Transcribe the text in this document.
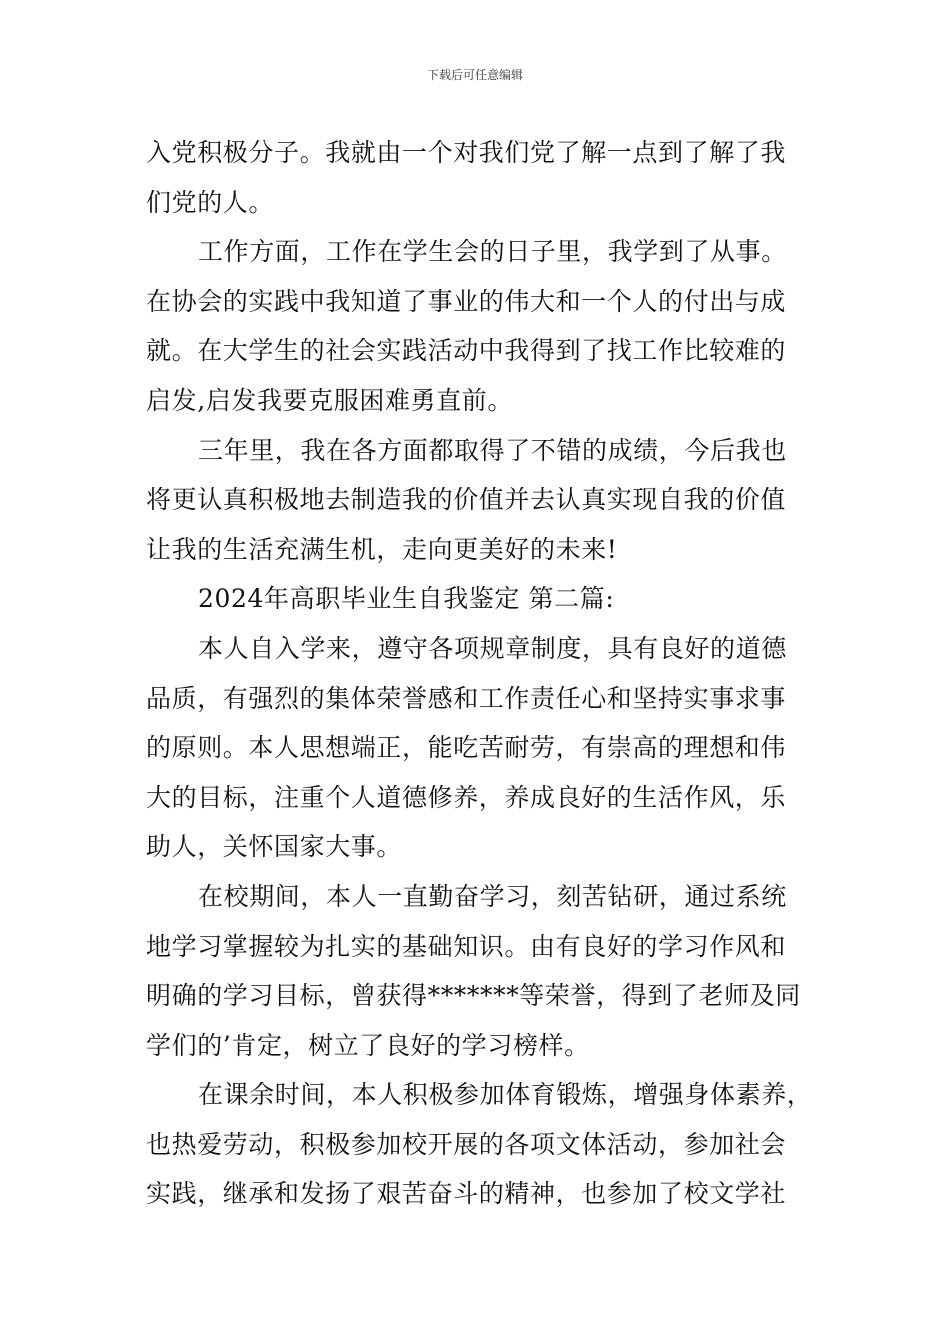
下载后可任意编辑
入党积极分子。我就由一个对我们党了解一点到了解了我
们党的人。
工作方面，工作在学生会的日子里，我学到了从事。
在协会的实践中我知道了事业的伟大和一个人的付出与成
就。在大学生的社会实践活动中我得到了找工作比较难的
启发,启发我要克服困难勇直前。
三年里，我在各方面都取得了不错的成绩，今后我也
将更认真积极地去制造我的价值并去认真实现自我的价值
让我的生活充满生机，走向更美好的未来!
2024年高职毕业生自我鉴定 第二篇:
本人自入学来，遵守各项规章制度，具有良好的道德
品质，有强烈的集体荣誉感和工作责任心和坚持实事求事
的原则。本人思想端正，能吃苦耐劳，有崇高的理想和伟
大的目标，注重个人道德修养，养成良好的生活作风，乐
助人，关怀国家大事。
在校期间，本人一直勤奋学习，刻苦钻研，通过系统
地学习掌握较为扎实的基础知识。由有良好的学习作风和
明确的学习目标，曾获得*******等荣誉，得到了老师及同
学们的’肯定，树立了良好的学习榜样。
在课余时间，本人积极参加体育锻炼，增强身体素养，
也热爱劳动，积极参加校开展的各项文体活动，参加社会
实践，继承和发扬了艰苦奋斗的精神，也参加了校文学社
